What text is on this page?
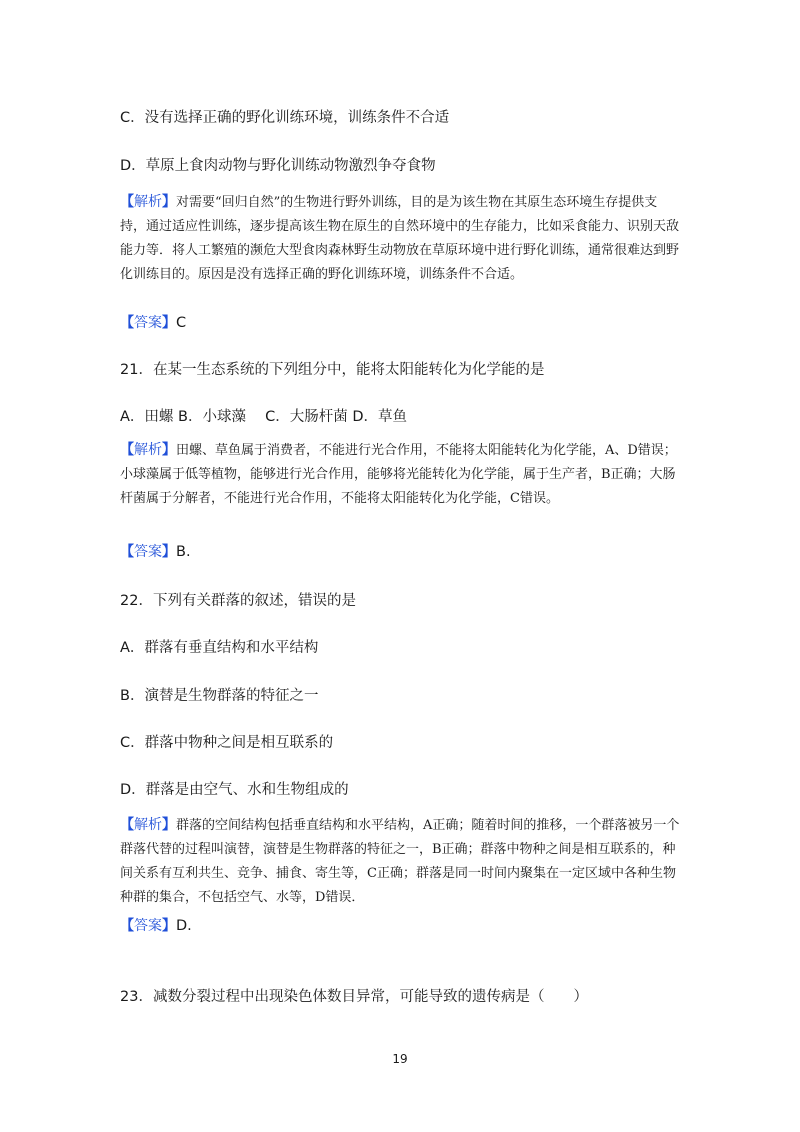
C．没有选择正确的野化训练环境，训练条件不合适
D．草原上食肉动物与野化训练动物激烈争夺食物
【解析】对需要“回归自然”的生物进行野外训练，目的是为该生物在其原生态环境生存提供支持，通过适应性训练，逐步提高该生物在原生的自然环境中的生存能力，比如采食能力、识别天敌能力等．将人工繁殖的濒危大型食肉森林野生动物放在草原环境中进行野化训练，通常很难达到野化训练目的。原因是没有选择正确的野化训练环境，训练条件不合适。
【答案】C
21．在某一生态系统的下列组分中，能将太阳能转化为化学能的是
A．田螺 B．小球藻　 C．大肠杆菌 D．草鱼
【解析】田螺、草鱼属于消费者，不能进行光合作用，不能将太阳能转化为化学能，A、D错误；小球藻属于低等植物，能够进行光合作用，能够将光能转化为化学能，属于生产者，B正确；大肠杆菌属于分解者，不能进行光合作用，不能将太阳能转化为化学能，C错误。
【答案】B.
22．下列有关群落的叙述，错误的是
A．群落有垂直结构和水平结构
B．演替是生物群落的特征之一
C．群落中物种之间是相互联系的
D．群落是由空气、水和生物组成的
【解析】群落的空间结构包括垂直结构和水平结构，A正确；随着时间的推移，一个群落被另一个群落代替的过程叫演替，演替是生物群落的特征之一，B正确；群落中物种之间是相互联系的，种间关系有互利共生、竞争、捕食、寄生等，C正确；群落是同一时间内聚集在一定区域中各种生物种群的集合，不包括空气、水等，D错误．
【答案】D.
23．减数分裂过程中出现染色体数目异常，可能导致的遗传病是（　　）
19
